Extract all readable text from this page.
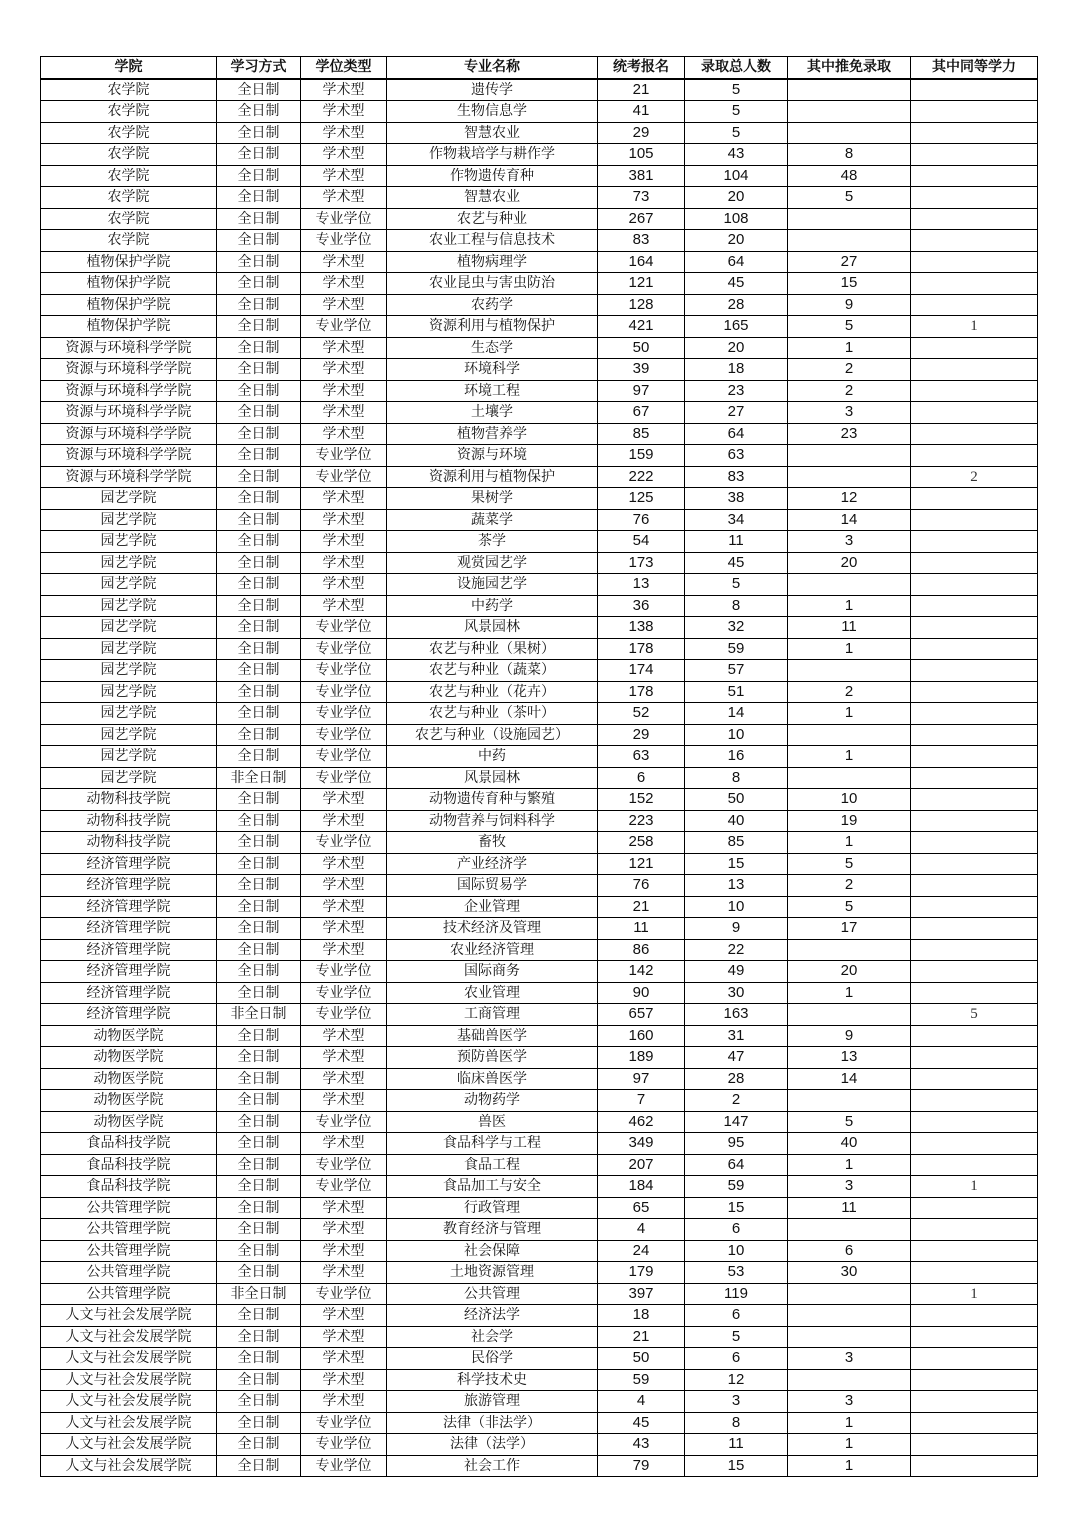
学院	学习方式	学位类型	专业名称	统考报名	录取总人数	其中推免录取	其中同等学力
农学院	全日制	学术型	遗传学	21	5		
农学院	全日制	学术型	生物信息学	41	5		
农学院	全日制	学术型	智慧农业	29	5		
农学院	全日制	学术型	作物栽培学与耕作学	105	43	8	
农学院	全日制	学术型	作物遗传育种	381	104	48	
农学院	全日制	学术型	智慧农业	73	20	5	
农学院	全日制	专业学位	农艺与种业	267	108		
农学院	全日制	专业学位	农业工程与信息技术	83	20		
植物保护学院	全日制	学术型	植物病理学	164	64	27	
植物保护学院	全日制	学术型	农业昆虫与害虫防治	121	45	15	
植物保护学院	全日制	学术型	农药学	128	28	9	
植物保护学院	全日制	专业学位	资源利用与植物保护	421	165	5	1
资源与环境科学学院	全日制	学术型	生态学	50	20	1	
资源与环境科学学院	全日制	学术型	环境科学	39	18	2	
资源与环境科学学院	全日制	学术型	环境工程	97	23	2	
资源与环境科学学院	全日制	学术型	土壤学	67	27	3	
资源与环境科学学院	全日制	学术型	植物营养学	85	64	23	
资源与环境科学学院	全日制	专业学位	资源与环境	159	63		
资源与环境科学学院	全日制	专业学位	资源利用与植物保护	222	83		2
园艺学院	全日制	学术型	果树学	125	38	12	
园艺学院	全日制	学术型	蔬菜学	76	34	14	
园艺学院	全日制	学术型	茶学	54	11	3	
园艺学院	全日制	学术型	观赏园艺学	173	45	20	
园艺学院	全日制	学术型	设施园艺学	13	5		
园艺学院	全日制	学术型	中药学	36	8	1	
园艺学院	全日制	专业学位	风景园林	138	32	11	
园艺学院	全日制	专业学位	农艺与种业（果树）	178	59	1	
园艺学院	全日制	专业学位	农艺与种业（蔬菜）	174	57		
园艺学院	全日制	专业学位	农艺与种业（花卉）	178	51	2	
园艺学院	全日制	专业学位	农艺与种业（茶叶）	52	14	1	
园艺学院	全日制	专业学位	农艺与种业（设施园艺）	29	10		
园艺学院	全日制	专业学位	中药	63	16	1	
园艺学院	非全日制	专业学位	风景园林	6	8		
动物科技学院	全日制	学术型	动物遗传育种与繁殖	152	50	10	
动物科技学院	全日制	学术型	动物营养与饲料科学	223	40	19	
动物科技学院	全日制	专业学位	畜牧	258	85	1	
经济管理学院	全日制	学术型	产业经济学	121	15	5	
经济管理学院	全日制	学术型	国际贸易学	76	13	2	
经济管理学院	全日制	学术型	企业管理	21	10	5	
经济管理学院	全日制	学术型	技术经济及管理	11	9	17	
经济管理学院	全日制	学术型	农业经济管理	86	22		
经济管理学院	全日制	专业学位	国际商务	142	49	20	
经济管理学院	全日制	专业学位	农业管理	90	30	1	
经济管理学院	非全日制	专业学位	工商管理	657	163		5
动物医学院	全日制	学术型	基础兽医学	160	31	9	
动物医学院	全日制	学术型	预防兽医学	189	47	13	
动物医学院	全日制	学术型	临床兽医学	97	28	14	
动物医学院	全日制	学术型	动物药学	7	2		
动物医学院	全日制	专业学位	兽医	462	147	5	
食品科技学院	全日制	学术型	食品科学与工程	349	95	40	
食品科技学院	全日制	专业学位	食品工程	207	64	1	
食品科技学院	全日制	专业学位	食品加工与安全	184	59	3	1
公共管理学院	全日制	学术型	行政管理	65	15	11	
公共管理学院	全日制	学术型	教育经济与管理	4	6		
公共管理学院	全日制	学术型	社会保障	24	10	6	
公共管理学院	全日制	学术型	土地资源管理	179	53	30	
公共管理学院	非全日制	专业学位	公共管理	397	119		1
人文与社会发展学院	全日制	学术型	经济法学	18	6		
人文与社会发展学院	全日制	学术型	社会学	21	5		
人文与社会发展学院	全日制	学术型	民俗学	50	6	3	
人文与社会发展学院	全日制	学术型	科学技术史	59	12		
人文与社会发展学院	全日制	学术型	旅游管理	4	3	3	
人文与社会发展学院	全日制	专业学位	法律（非法学）	45	8	1	
人文与社会发展学院	全日制	专业学位	法律（法学）	43	11	1	
人文与社会发展学院	全日制	专业学位	社会工作	79	15	1	
